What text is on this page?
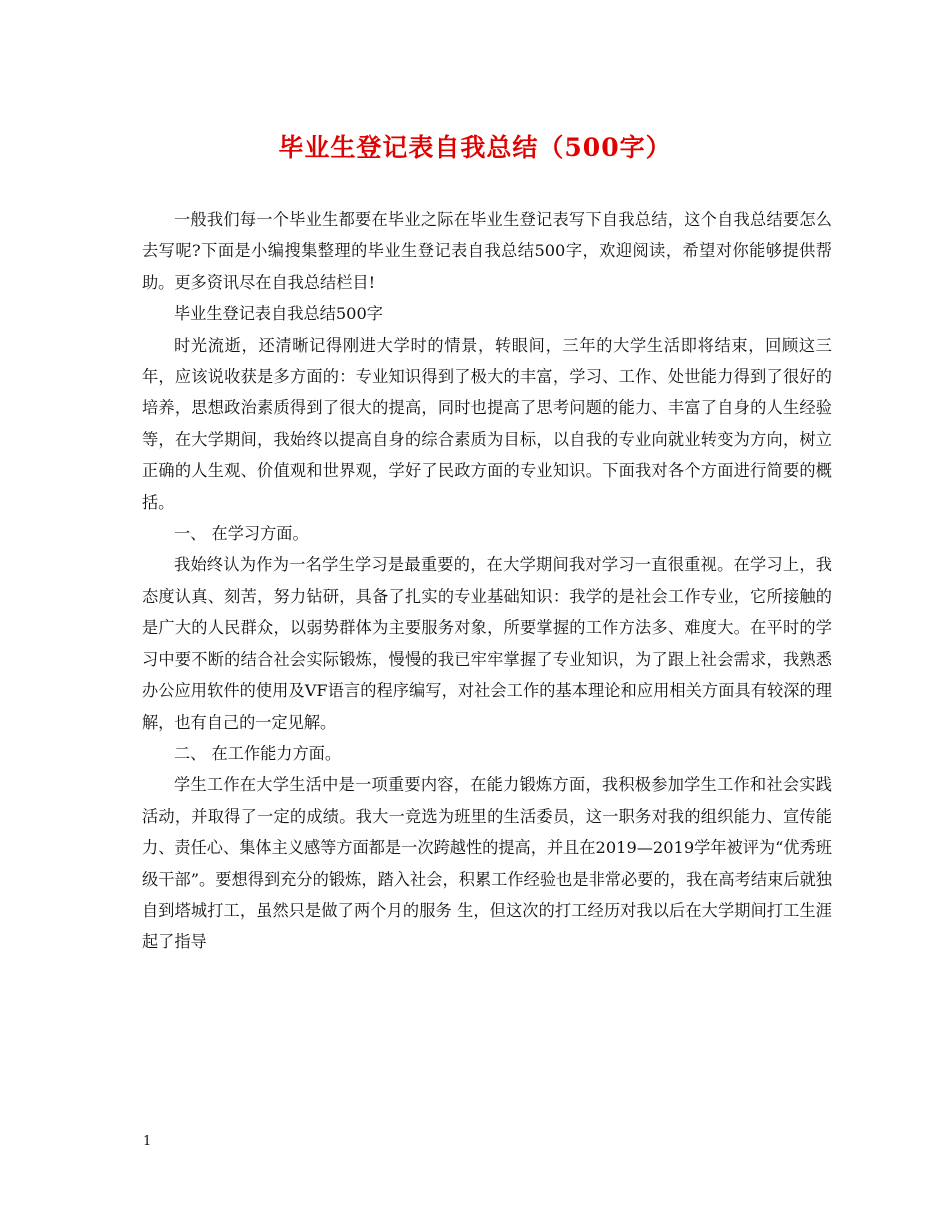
毕业生登记表自我总结（500字）

一般我们每一个毕业生都要在毕业之际在毕业生登记表写下自我总结，这个自我总结要怎么去写呢?下面是小编搜集整理的毕业生登记表自我总结500字，欢迎阅读，希望对你能够提供帮助。更多资讯尽在自我总结栏目!

毕业生登记表自我总结500字

时光流逝，还清晰记得刚进大学时的情景，转眼间，三年的大学生活即将结束，回顾这三年，应该说收获是多方面的：专业知识得到了极大的丰富，学习、工作、处世能力得到了很好的培养，思想政治素质得到了很大的提高，同时也提高了思考问题的能力、丰富了自身的人生经验等，在大学期间，我始终以提高自身的综合素质为目标，以自我的专业向就业转变为方向，树立正确的人生观、价值观和世界观，学好了民政方面的专业知识。下面我对各个方面进行简要的概括。

一、 在学习方面。

我始终认为作为一名学生学习是最重要的，在大学期间我对学习一直很重视。在学习上，我态度认真、刻苦，努力钻研，具备了扎实的专业基础知识：我学的是社会工作专业，它所接触的是广大的人民群众，以弱势群体为主要服务对象，所要掌握的工作方法多、难度大。在平时的学习中要不断的结合社会实际锻炼，慢慢的我已牢牢掌握了专业知识，为了跟上社会需求，我熟悉办公应用软件的使用及VF语言的程序编写，对社会工作的基本理论和应用相关方面具有较深的理解，也有自己的一定见解。

二、 在工作能力方面。

学生工作在大学生活中是一项重要内容，在能力锻炼方面，我积极参加学生工作和社会实践活动，并取得了一定的成绩。我大一竞选为班里的生活委员，这一职务对我的组织能力、宣传能力、责任心、集体主义感等方面都是一次跨越性的提高，并且在2019—2019学年被评为“优秀班级干部”。要想得到充分的锻炼，踏入社会，积累工作经验也是非常必要的，我在高考结束后就独自到塔城打工，虽然只是做了两个月的服务 生，但这次的打工经历对我以后在大学期间打工生涯起了指导

1
